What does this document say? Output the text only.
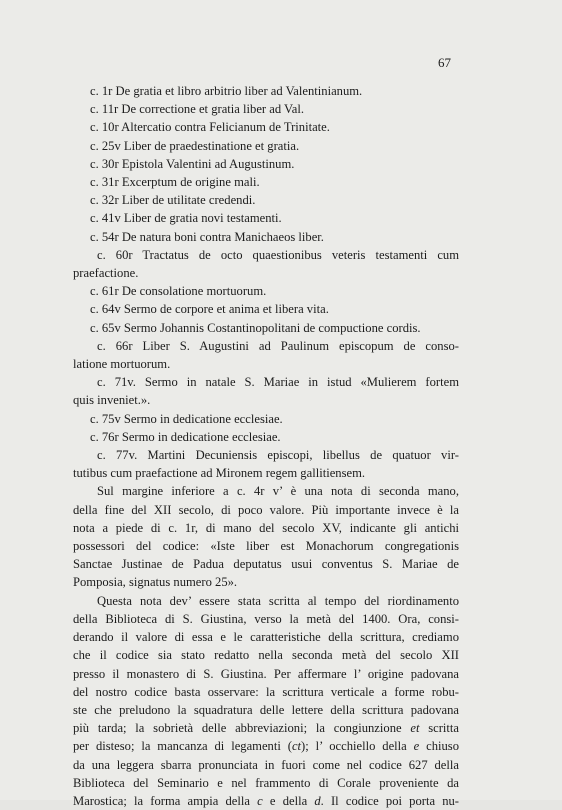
67
c. 1r De gratia et libro arbitrio liber ad Valentinianum.
c. 11r De correctione et gratia liber ad Val.
c. 10r Altercatio contra Felicianum de Trinitate.
c. 25v Liber de praedestinatione et gratia.
c. 30r Epistola Valentini ad Augustinum.
c. 31r Excerptum de origine mali.
c. 32r Liber de utilitate credendi.
c. 41v Liber de gratia novi testamenti.
c. 54r De natura boni contra Manichaeos liber.
c. 60r Tractatus de octo quaestionibus veteris testamenti cum
praefactione.
c. 61r De consolatione mortuorum.
c. 64v Sermo de corpore et anima et libera vita.
c. 65v Sermo Johannis Costantinopolitani de compuctione cordis.
c. 66r Liber S. Augustini ad Paulinum episcopum de conso-
latione mortuorum.
c. 71v. Sermo in natale S. Mariae in istud «Mulierem fortem
quis inveniet.».
c. 75v Sermo in dedicatione ecclesiae.
c. 76r Sermo in dedicatione ecclesiae.
c. 77v. Martini Decuniensis episcopi, libellus de quatuor vir-
tutibus cum praefactione ad Mironem regem gallitiensem.
Sul margine inferiore a c. 4r v’ è una nota di seconda mano,
della fine del XII secolo, di poco valore. Più importante invece è la
nota a piede di c. 1r, di mano del secolo XV, indicante gli antichi
possessori del codice: «Iste liber est Monachorum congregationis
Sanctae Justinae de Padua deputatus usui conventus S. Mariae de
Pomposia, signatus numero 25».
Questa nota dev’ essere stata scritta al tempo del riordinamento
della Biblioteca di S. Giustina, verso la metà del 1400. Ora, consi-
derando il valore di essa e le caratteristiche della scrittura, crediamo
che il codice sia stato redatto nella seconda metà del secolo XII
presso il monastero di S. Giustina. Per affermare l’ origine padovana
del nostro codice basta osservare: la scrittura verticale a forme robu-
ste che preludono la squadratura delle lettere della scrittura padovana
più tarda; la sobrietà delle abbreviazioni; la congiunzione et scritta
per disteso; la mancanza di legamenti (ct); l’ occhiello della e chiuso
da una leggera sbarra pronunciata in fuori come nel codice 627 della
Biblioteca del Seminario e nel frammento di Corale proveniente da
Marostica; la forma ampia della c e della d. Il codice poi porta nu-
